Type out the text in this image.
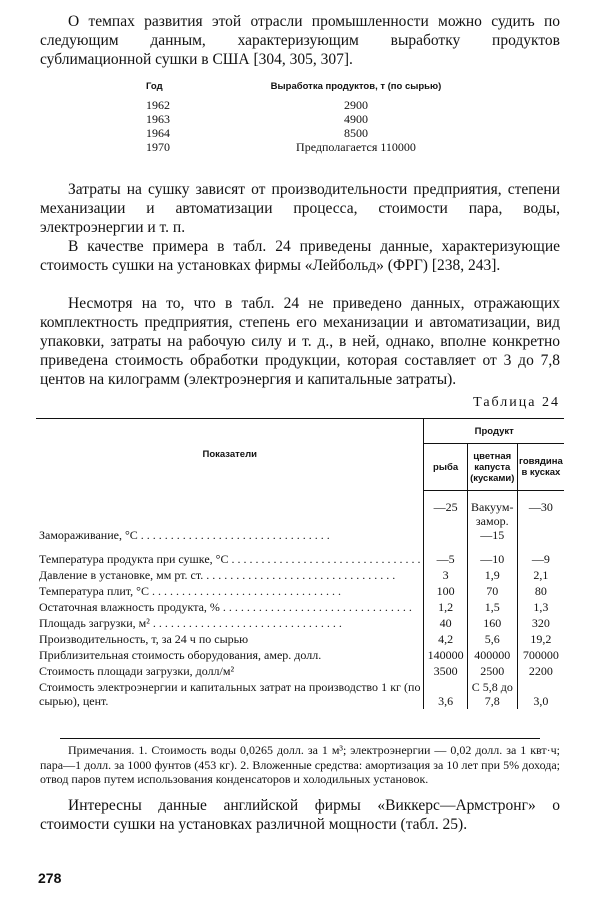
О темпах развития этой отрасли промышленности можно судить по следующим данным, характеризующим выработку продуктов сублимационной сушки в США [304, 305, 307].
Год	Выработка продуктов, т (по сырью)
1962	2900
1963	4900
1964	8500
1970	Предполагается 110000
Затраты на сушку зависят от производительности предприятия, степени механизации и автоматизации процесса, стоимости пара, воды, электроэнергии и т. п.
В качестве примера в табл. 24 приведены данные, характеризующие стоимость сушки на установках фирмы «Лейбольд» (ФРГ) [238, 243].
Несмотря на то, что в табл. 24 не приведено данных, отражающих комплектность предприятия, степень его механизации и автоматизации, вид упаковки, затраты на рабочую силу и т. д., в ней, однако, вполне конкретно приведена стоимость обработки продукции, которая составляет от 3 до 7,8 центов на килограмм (электроэнергия и капитальные затраты).
Таблица 24
Показатели	Продукт		
	рыба	цветная капуста (кусками)	говядина в кусках

Замораживание, °С . . .	—25	Вакуум-замор. —15	—30

Температура продукта при сушке, °С . . .	—5	—10	—9

Давление в установке, мм рт. ст. . . .	3	1,9	2,1

Температура плит, °С . . .	100	70	80

Остаточная влажность продукта, % . . .	1,2	1,5	1,3

Площадь загрузки, м² . . .	40	160	320
Производительность, т, за 24 ч по сырью	4,2	5,6	19,2
Приблизительная стоимость оборудования, амер. долл.	140000	400000	700000
Стоимость площади загрузки, долл/м²	3500	2500	2200
Стоимость электроэнергии и капитальных затрат на производство 1 кг (по сырью), цент.	3,6	С 5,8 до 7,8	3,0
Примечания. 1. Стоимость воды 0,0265 долл. за 1 м³; электроэнергии — 0,02 долл. за 1 квт·ч; пара—1 долл. за 1000 фунтов (453 кг). 2. Вложенные средства: амортизация за 10 лет при 5% дохода; отвод паров путем использования конденсаторов и холодильных установок.
Интересны данные английской фирмы «Виккерс—Армстронг» о стоимости сушки на установках различной мощности (табл. 25).
278
